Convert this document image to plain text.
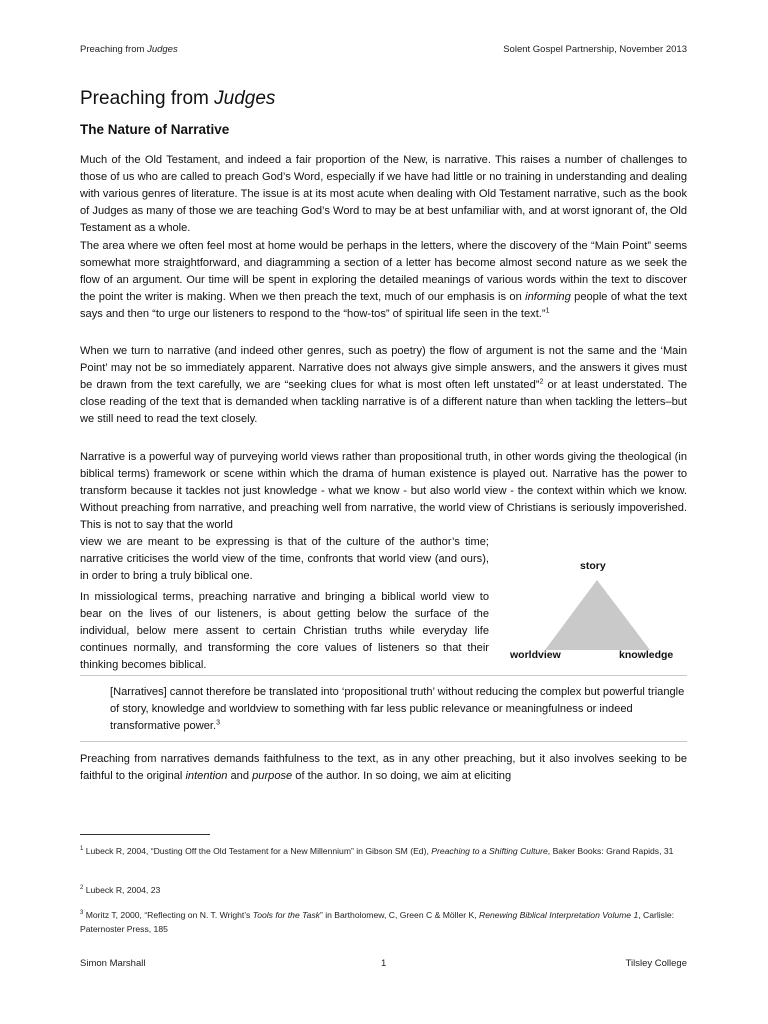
Preaching from Judges	Solent Gospel Partnership, November 2013
Preaching from Judges
The Nature of Narrative

Much of the Old Testament, and indeed a fair proportion of the New, is narrative. This raises a number of challenges to those of us who are called to preach God’s Word, especially if we have had little or no training in understanding and dealing with various genres of literature. The issue is at its most acute when dealing with Old Testament narrative, such as the book of Judges as many of those we are teaching God’s Word to may be at best unfamiliar with, and at worst ignorant of, the Old Testament as a whole.

The area where we often feel most at home would be perhaps in the letters, where the discovery of the “Main Point” seems somewhat more straightforward, and diagramming a section of a letter has become almost second nature as we seek the flow of an argument. Our time will be spent in exploring the detailed meanings of various words within the text to discover the point the writer is making. When we then preach the text, much of our emphasis is on informing people of what the text says and then “to urge our listeners to respond to the “how-tos” of spiritual life seen in the text.”$^1$

When we turn to narrative (and indeed other genres, such as poetry) the flow of argument is not the same and the ‘Main Point’ may not be so immediately apparent. Narrative does not always give simple answers, and the answers it gives must be drawn from the text carefully, we are “seeking clues for what is most often left unstated”$^2$ or at least understated. The close reading of the text that is demanded when tackling narrative is of a different nature than when tackling the letters–but we still need to read the text closely.

Narrative is a powerful way of purveying world views rather than propositional truth, in other words giving the theological (in biblical terms) framework or scene within which the drama of human existence is played out. Narrative has the power to transform because it tackles not just knowledge - what we know - but also world view - the context within which we know. Without preaching from narrative, and preaching well from narrative, the world view of Christians is seriously impoverished. This is not to say that the world

view we are meant to be expressing is that of the culture of the author’s time; narrative criticises the world view of the time, confronts that world view (and ours), in order to bring a truly biblical one.

In missiological terms, preaching narrative and bringing a biblical world view to bear on the lives of our listeners, is about getting below the surface of the individual, below mere assent to certain Christian truths while everyday life continues normally, and transforming the core values of listeners so that their thinking becomes biblical.

story
worldview	knowledge

[Narratives] cannot therefore be translated into ‘propositional truth’ without reducing the complex but powerful triangle of story, knowledge and worldview to something with far less public relevance or meaningfulness or indeed transformative power.$^3$

Preaching from narratives demands faithfulness to the text, as in any other preaching, but it also involves seeking to be faithful to the original intention and purpose of the author. In so doing, we aim at eliciting

$^1$ Lubeck R, 2004, “Dusting Off the Old Testament for a New Millennium” in Gibson SM (Ed), Preaching to a Shifting Culture, Baker Books: Grand Rapids, 31
$^2$ Lubeck R, 2004, 23
$^3$ Moritz T, 2000, “Reflecting on N. T. Wright’s Tools for the Task” in Bartholomew, C, Green C & Möller K, Renewing Biblical Interpretation Volume 1, Carlisle: Paternoster Press, 185
Simon Marshall	1	Tilsley College
